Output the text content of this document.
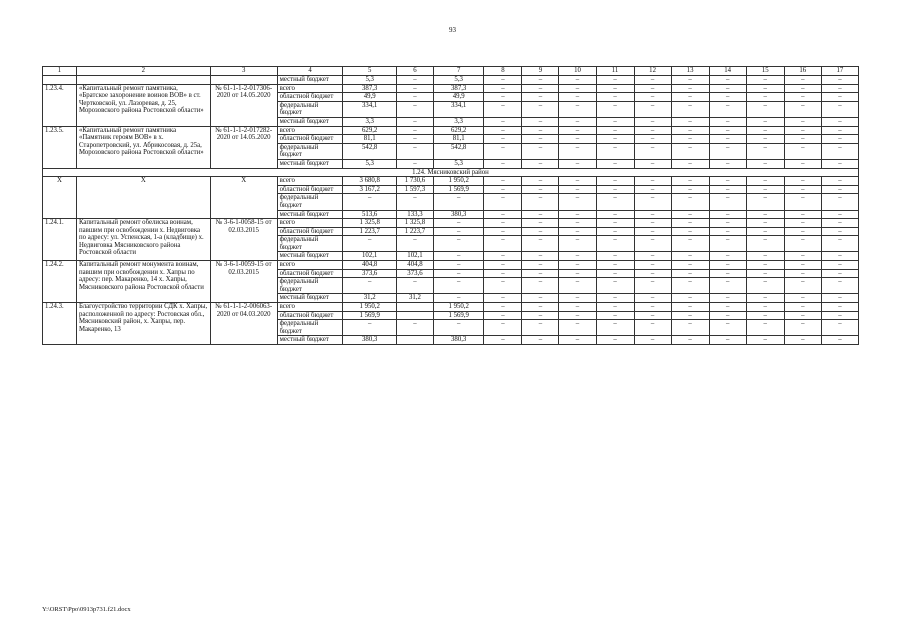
93
1	2	3	4	5	6	7	8	9	10	11	12	13	14	15	16	17
			местный бюджет	5,3	–	5,3	–	–	–	–	–	–	–	–	–	–
1.23.4.	«Капитальный ремонт памятника, «Братское захоронение воинов ВОВ» в ст. Чертковской, ул. Лазоревая, д. 25, Морозовского района Ростовской области»	№ 61-1-1-2-017306-2020 от 14.05.2020	всего	387,3	–	387,3	–	–	–	–	–	–	–	–	–	–
			областной бюджет	49,9	–	49,9	–	–	–	–	–	–	–	–	–	–
			федеральный бюджет	334,1	–	334,1	–	–	–	–	–	–	–	–	–	–
			местный бюджет	3,3	–	3,3	–	–	–	–	–	–	–	–	–	–
1.23.5.	«Капитальный ремонт памятника «Памятник героям ВОВ» в х. Старопетровский, ул. Абрикосовая, д. 25а, Морозовского района Ростовской области»	№ 61-1-1-2-017282-2020 от 14.05.2020	всего	629,2	–	629,2	–	–	–	–	–	–	–	–	–	–
			областной бюджет	81,1	–	81,1	–	–	–	–	–	–	–	–	–	–
			федеральный бюджет	542,8	–	542,8	–	–	–	–	–	–	–	–	–	–
			местный бюджет	5,3	–	5,3	–	–	–	–	–	–	–	–	–	–
1.24. Мясниковский район																
Х	Х	Х	всего	3 680,8	1 730,6	1 950,2	–	–	–	–	–	–	–	–	–	–
			областной бюджет	3 167,2	1 597,3	1 569,9	–	–	–	–	–	–	–	–	–	–
			федеральный бюджет	–	–	–	–	–	–	–	–	–	–	–	–	–
			местный бюджет	513,6	133,3	380,3	–	–	–	–	–	–	–	–	–	–
1.24.1.	Капитальный ремонт обелиска воинам, павшим при освобождении х. Недвиговка по адресу: ул. Успенская, 1-а (кладбище) х. Недвиговка Мясниковского района Ростовской области	№ 3-6-1-0058-15 от 02.03.2015	всего	1 325,8	1 325,8	–	–	–	–	–	–	–	–	–	–	–
			областной бюджет	1 223,7	1 223,7	–	–	–	–	–	–	–	–	–	–	–
			федеральный бюджет	–	–	–	–	–	–	–	–	–	–	–	–	–
			местный бюджет	102,1	102,1	–	–	–	–	–	–	–	–	–	–	–
1.24.2.	Капитальный ремонт монумента воинам, павшим при освобождении х. Хапры по адресу: пер. Макаренко, 14 х. Хапры, Мясниковского района Ростовской области	№ 3-6-1-0059-15 от 02.03.2015	всего	404,8	404,8	–	–	–	–	–	–	–	–	–	–	–
			областной бюджет	373,6	373,6	–	–	–	–	–	–	–	–	–	–	–
			федеральный бюджет	–	–	–	–	–	–	–	–	–	–	–	–	–
			местный бюджет	31,2	31,2	–	–	–	–	–	–	–	–	–	–	–
1.24.3.	Благоустройство территории СДК х. Хапры, расположенной по адресу: Ростовская обл., Мясниковский район, х. Хапры, пер. Макаренко, 13	№ 61-1-1-2-006063-2020 от 04.03.2020	всего	1 950,2		1 950,2	–	–	–	–	–	–	–	–	–	–
			областной бюджет	1 569,9		1 569,9	–	–	–	–	–	–	–	–	–	–
			федеральный бюджет	–	–	–	–	–	–	–	–	–	–	–	–	–
			местный бюджет	380,3		380,3	–	–	–	–	–	–	–	–	–	–
Y:\ORST\Ppo\0913p731.f21.docx
